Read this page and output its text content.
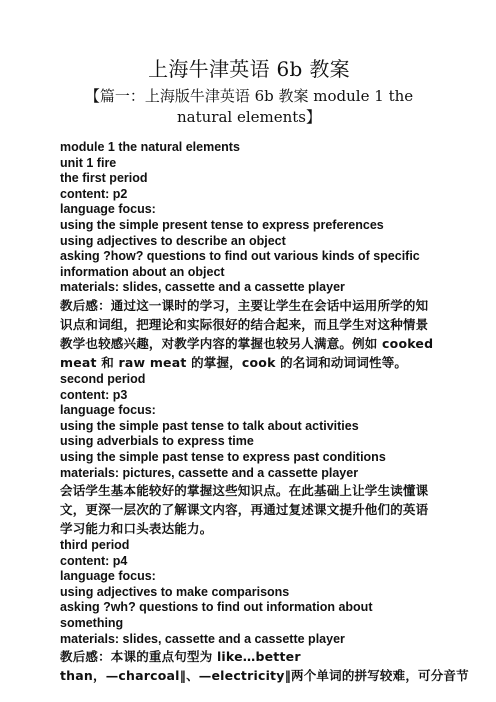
上海牛津英语 6b 教案
【篇一：上海版牛津英语 6b 教案 module 1 the natural elements】
module 1 the natural elements
unit 1 fire
the first period
content: p2
language focus:
using the simple present tense to express preferences
using adjectives to describe an object
asking ?how? questions to find out various kinds of specific information about an object
materials: slides, cassette and a cassette player
教后感：通过这一课时的学习，主要让学生在会话中运用所学的知识点和词组，把理论和实际很好的结合起来，而且学生对这种情景教学也较感兴趣，对教学内容的掌握也较另人满意。例如 cooked meat 和 raw meat 的掌握，cook 的名词和动词词性等。
second period
content: p3
language focus:
using the simple past tense to talk about activities
using adverbials to express time
using the simple past tense to express past conditions
materials: pictures, cassette and a cassette player
会话学生基本能较好的掌握这些知识点。在此基础上让学生读懂课文，更深一层次的了解课文内容，再通过复述课文提升他们的英语学习能力和口头表达能力。
third period
content: p4
language focus:
using adjectives to make comparisons
asking ?wh? questions to find out information about something
materials: slides, cassette and a cassette player
教后感：本课的重点句型为 like…better
than，—charcoal‖、—electricity‖两个单词的拼写较难，可分音节
